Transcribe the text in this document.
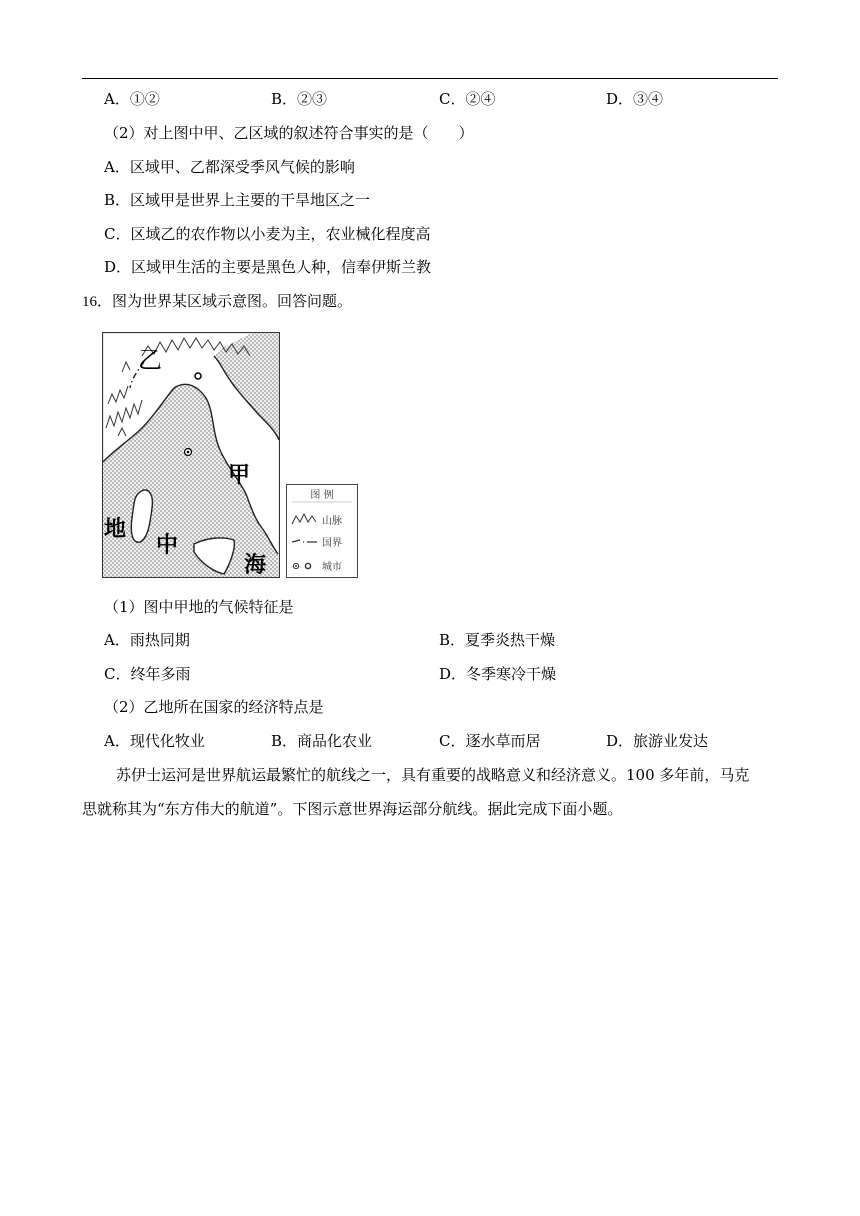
A．①②	B．②③	C．②④	D．③④
（2）对上图中甲、乙区域的叙述符合事实的是（　　）
A．区域甲、乙都深受季风气候的影响
B．区域甲是世界上主要的干旱地区之一
C．区域乙的农作物以小麦为主，农业械化程度高
D．区域甲生活的主要是黑色人种，信奉伊斯兰教
16．图为世界某区域示意图。回答问题。
乙
甲
地
中
海
图 例
山脉
国界
城市
（1）图中甲地的气候特征是
A．雨热同期	B．夏季炎热干燥
C．终年多雨	D．冬季寒冷干燥
（2）乙地所在国家的经济特点是
A．现代化牧业	B．商品化农业	C．逐水草而居	D．旅游业发达
苏伊士运河是世界航运最繁忙的航线之一，具有重要的战略意义和经济意义。100 多年前，马克
思就称其为“东方伟大的航道”。下图示意世界海运部分航线。据此完成下面小题。
